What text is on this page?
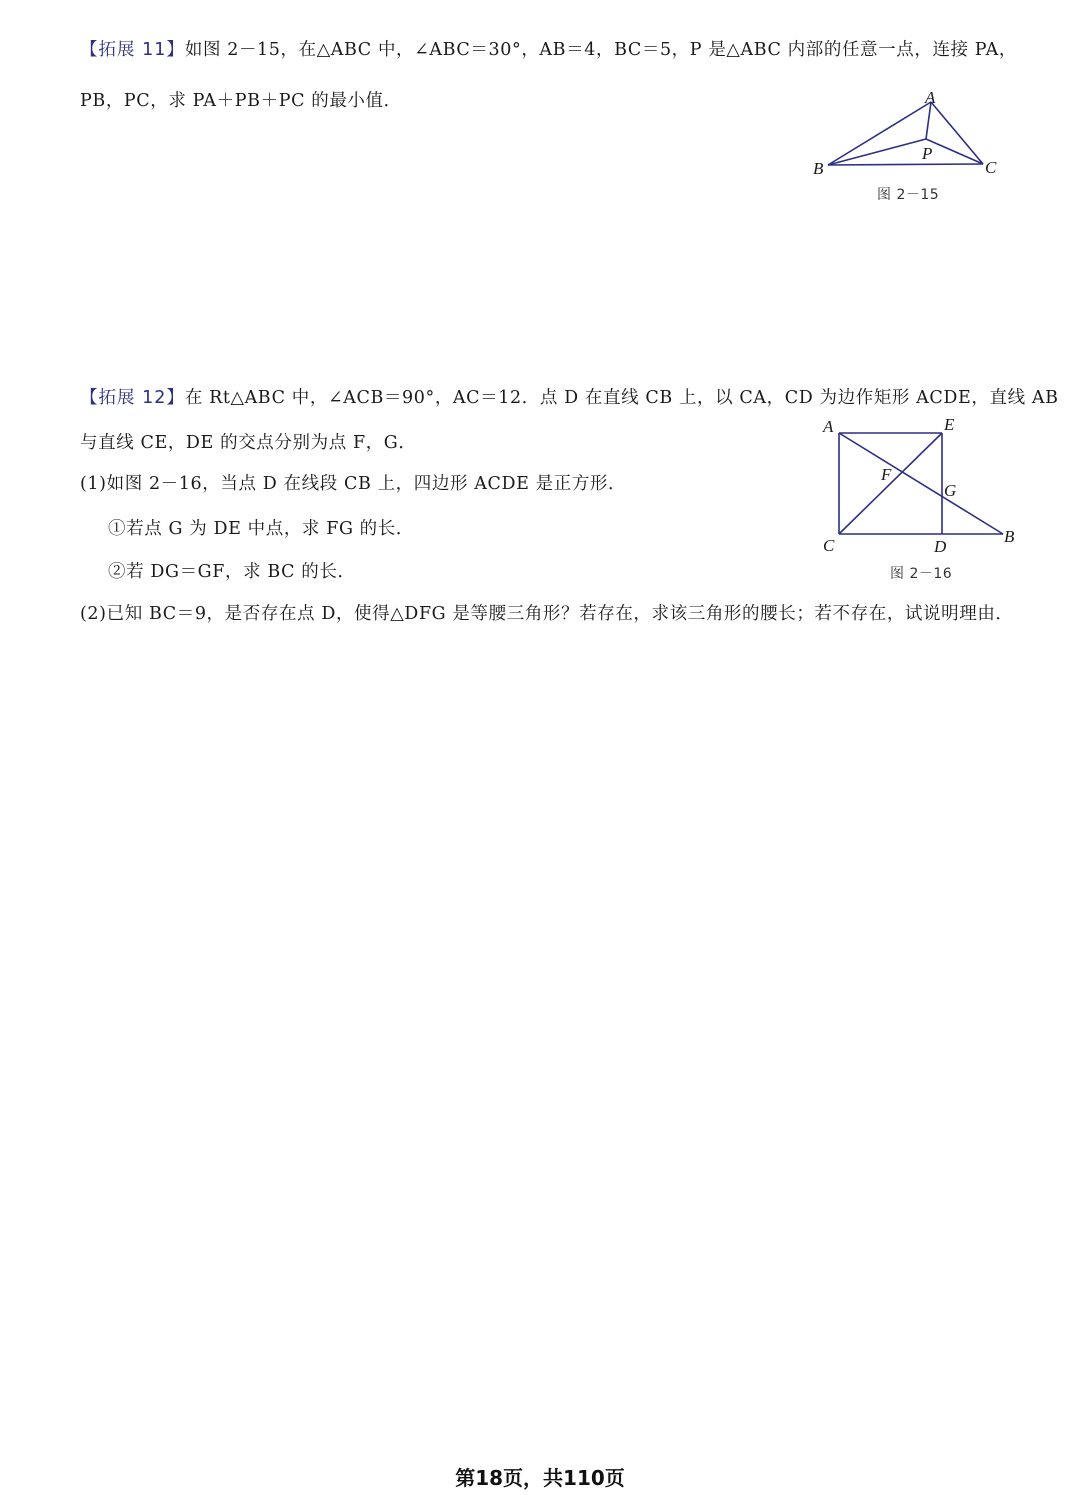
【拓展 11】如图 2－15，在△ABC 中，∠ABC＝30°，AB＝4，BC＝5，P 是△ABC 内部的任意一点，连接 PA，
PB，PC，求 PA＋PB＋PC 的最小值．	A
B	C
P
图 2－15
【拓展 12】在 Rt△ABC 中，∠ACB＝90°，AC＝12．点 D 在直线 CB 上，以 CA，CD 为边作矩形 ACDE，直线 AB
与直线 CE，DE 的交点分别为点 F，G．
(1)如图 2－16，当点 D 在线段 CB 上，四边形 ACDE 是正方形．
①若点 G 为 DE 中点，求 FG 的长．
②若 DG＝GF，求 BC 的长．
(2)已知 BC＝9，是否存在点 D，使得△DFG 是等腰三角形？若存在，求该三角形的腰长；若不存在，试说明理由．
A	E
F
G
C	D
B
图 2－16
第18页，共110页
